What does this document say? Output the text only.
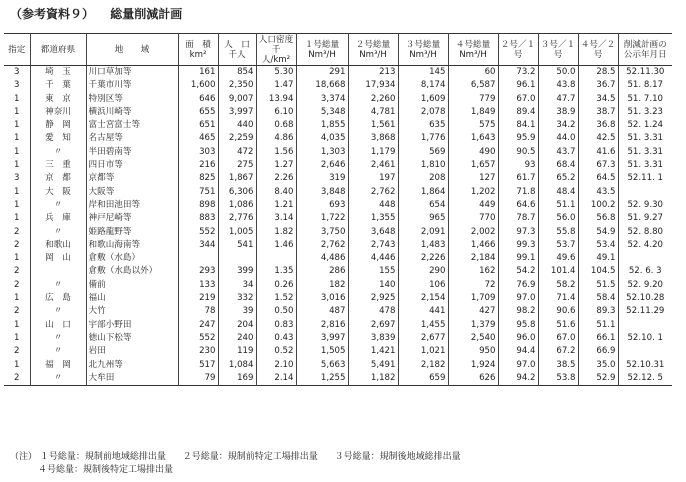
（参考資料９） 総量削減計画
指定	都道府県	地　　域	面　積 km²	人　口 千人	人口密度 千人/km²	１号総量 Nm³/H	２号総量 Nm³/H	３号総量 Nm³/H	４号総量 Nm³/H	２号／１号	３号／１号	４号／２号	削減計画の公示年月日
3	埼　玉	川口草加等	161	854	5.30	291	213	145	60	73.2	50.0	28.5	52.11.30
3	千　葉	千葉市川等	1,600	2,350	1.47	18,668	17,934	8,174	6,587	96.1	43.8	36.7	51. 8.17
1	東　京	特別区等	646	9,007	13.94	3,374	2,260	1,609	779	67.0	47.7	34.5	51. 7.10
1	神奈川	横浜川崎等	655	3,997	6.10	5,348	4,781	2,078	1,849	89.4	38.9	38.7	51. 3.23
1	静　岡	富士宮富士等	651	440	0.68	1,855	1,561	635	575	84.1	34.2	36.8	52. 1.24
1	愛　知	名古屋等	465	2,259	4.86	4,035	3,868	1,776	1,643	95.9	44.0	42.5	51. 3.31
1	〃	半田碧南等	303	472	1.56	1,303	1,179	569	490	90.5	43.7	41.6	51. 3.31
1	三　重	四日市等	216	275	1.27	2,646	2,461	1,810	1,657	93	68.4	67.3	51. 3.31
3	京　都	京都等	825	1,867	2.26	319	197	208	127	61.7	65.2	64.5	52.11. 1
1	大　阪	大阪等	751	6,306	8.40	3,848	2,762	1,864	1,202	71.8	48.4	43.5	
1	〃	岸和田池田等	898	1,086	1.21	693	448	654	449	64.6	51.1	100.2	52. 9.30
1	兵　庫	神戸尼崎等	883	2,776	3.14	1,722	1,355	965	770	78.7	56.0	56.8	51. 9.27
2	〃	姫路龍野等	552	1,005	1.82	3,750	3,648	2,091	2,002	97.3	55.8	54.9	52. 8.80
2	和歌山	和歌山海南等	344	541	1.46	2,762	2,743	1,483	1,466	99.3	53.7	53.4	52. 4.20
1	岡　山	倉敷（水島）				4,486	4,446	2,226	2,184	99.1	49.6	49.1	
2		倉敷（水島以外）	293	399	1.35	286	155	290	162	54.2	101.4	104.5	52. 6. 3
2	〃	備前	133	34	0.26	182	140	106	72	76.9	58.2	51.5	52. 9.20
1	広　島	福山	219	332	1.52	3,016	2,925	2,154	1,709	97.0	71.4	58.4	52.10.28
2	〃	大竹	78	39	0.50	487	478	441	427	98.2	90.6	89.3	52.11.29
1	山　口	宇部小野田	247	204	0.83	2,816	2,697	1,455	1,379	95.8	51.6	51.1	
1	〃	徳山下松等	552	240	0.43	3,997	3,839	2,677	2,540	96.0	67.0	66.1	52.10. 1
2	〃	岩田	230	119	0.52	1,505	1,421	1,021	950	94.4	67.2	66.9	
1	福　岡	北九州等	517	1,084	2.10	5,663	5,491	2,182	1,924	97.0	38.5	35.0	52.10.31
2	〃	大牟田	79	169	2.14	1,255	1,182	659	626	94.2	53.8	52.9	52.12. 5
（注） １号総量：規制前地域総排出量 ２号総量：規制前特定工場排出量 ３号総量：規制後地域総排出量
４号総量：規制後特定工場排出量
